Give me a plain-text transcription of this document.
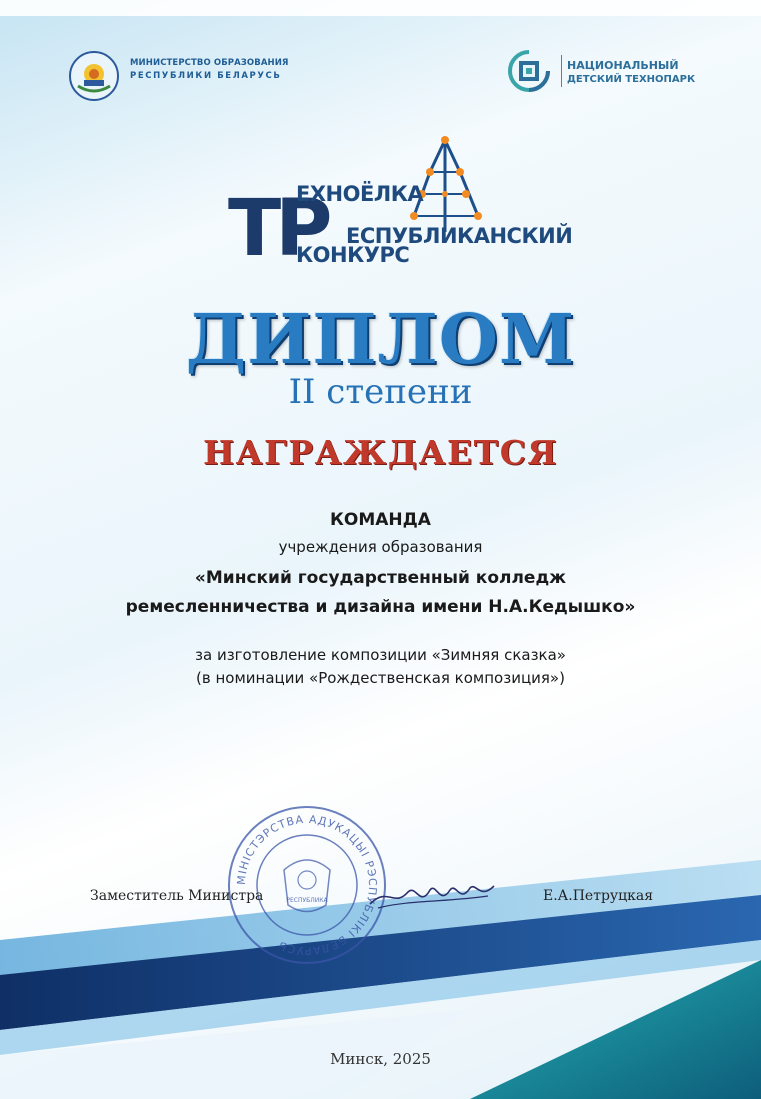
МИНИСТЕРСТВО ОБРАЗОВАНИЯ
РЕСПУБЛИКИ БЕЛАРУСЬ
НАЦИОНАЛЬНЫЙ
ДЕТСКИЙ ТЕХНОПАРК
ТР
ЕХНОЁЛКА
ЕСПУБЛИКАНСКИЙ
КОНКУРС
ДИПЛОМ
II степени
НАГРАЖДАЕТСЯ
КОМАНДА
учреждения образования
«Минский государственный колледж
ремесленничества и дизайна имени Н.А.Кедышко»
за изготовление композиции «Зимняя сказка»
(в номинации «Рождественская композиция»)
МІНІСТЭРСТВА АДУКАЦЫІ РЭСПУБЛІКІ БЕЛАРУСЬ
РЕСПУБЛИКА
Заместитель Министра	Е.А.Петруцкая
Минск, 2025
